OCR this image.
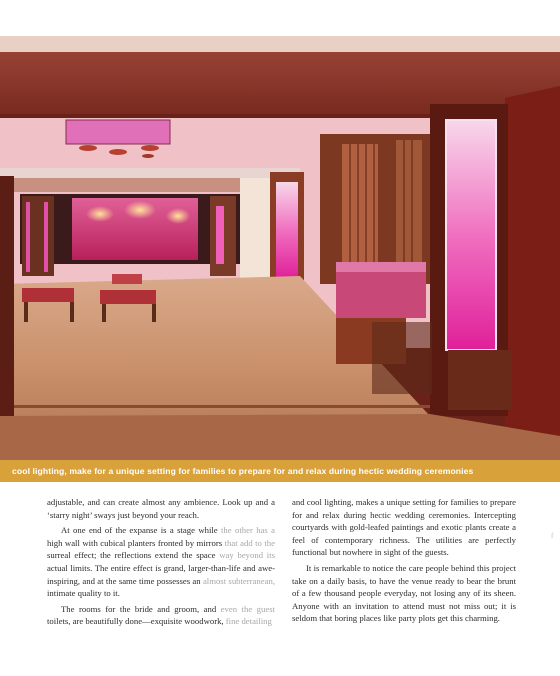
cool lighting, make for a unique setting for families to prepare for and relax during hectic wedding ceremonies

adjustable, and can create almost any ambience. Look up and a ‘starry night’ sways just beyond your reach.

At one end of the expanse is a stage while the other has a high wall with cubical planters fronted by mirrors that add to the surreal effect; the reflections extend the space way beyond its actual limits. The entire effect is grand, larger-than-life and awe-inspiring, and at the same time possesses an almost subterranean, intimate quality to it.

The rooms for the bride and groom, and even the guest toilets, are beautifully done—exquisite woodwork, fine detailing

and cool lighting, makes a unique setting for families to prepare for and relax during hectic wedding ceremonies. Intercepting courtyards with gold-leafed paintings and exotic plants create a feel of contemporary richness. The utilities are perfectly functional but nowhere in sight of the guests.

It is remarkable to notice the care people behind this project take on a daily basis, to have the venue ready to bear the brunt of a few thousand people everyday, not losing any of its sheen. Anyone with an invitation to attend must not miss out; it is seldom that boring places like party plots get this charming.

f
